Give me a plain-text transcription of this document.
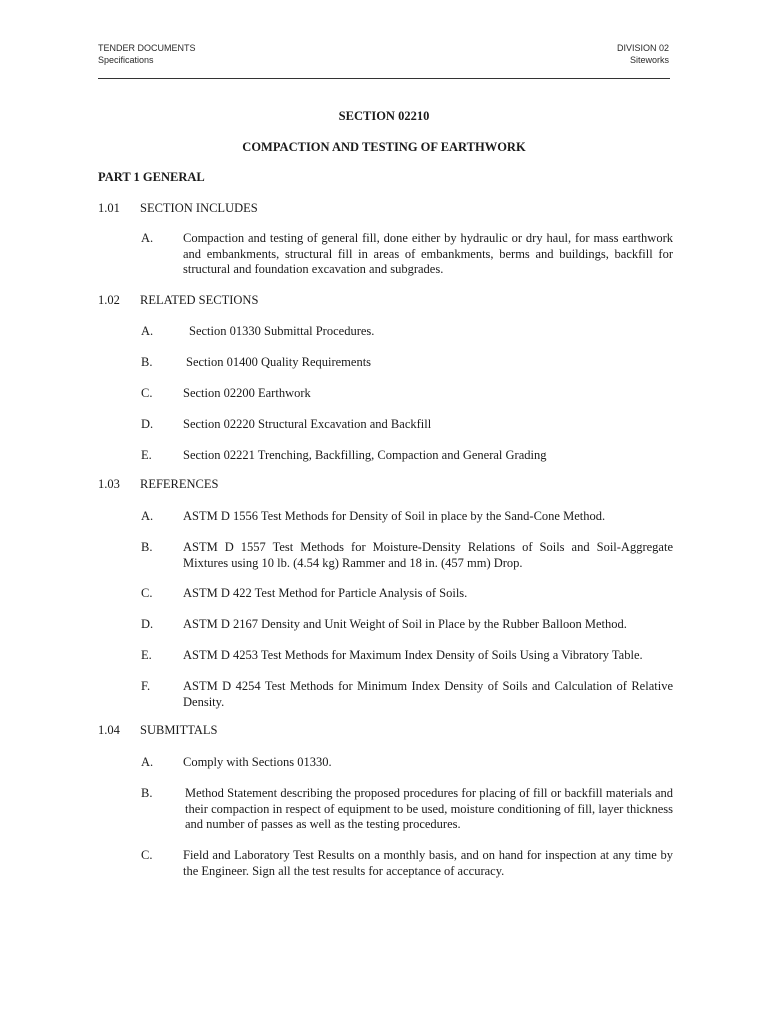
TENDER DOCUMENTS
Specifications
DIVISION 02
Siteworks
SECTION 02210
COMPACTION AND TESTING OF EARTHWORK
PART 1 GENERAL
1.01 SECTION INCLUDES
A. Compaction and testing of general fill, done either by hydraulic or dry haul, for mass earthwork and embankments, structural fill in areas of embankments, berms and buildings, backfill for structural and foundation excavation and subgrades.
1.02 RELATED SECTIONS
A.	Section 01330 Submittal Procedures.
B.	Section 01400 Quality Requirements
C. Section 02200 Earthwork
D. Section 02220 Structural Excavation and Backfill
E. Section 02221 Trenching, Backfilling, Compaction and General Grading
1.03 REFERENCES
A. ASTM D 1556 Test Methods for Density of Soil in place by the Sand-Cone Method.
B. ASTM D 1557 Test Methods for Moisture-Density Relations of Soils and Soil-Aggregate Mixtures using 10 lb. (4.54 kg) Rammer and 18 in. (457 mm) Drop.
C. ASTM D 422 Test Method for Particle Analysis of Soils.
D. ASTM D 2167 Density and Unit Weight of Soil in Place by the Rubber Balloon Method.
E. ASTM D 4253 Test Methods for Maximum Index Density of Soils Using a Vibratory Table.
F.	ASTM D 4254 Test Methods for Minimum Index Density of Soils and Calculation of Relative Density.
1.04 SUBMITTALS
A. Comply with Sections 01330.
B.	Method Statement describing the proposed procedures for placing of fill or backfill materials and their compaction in respect of equipment to be used, moisture conditioning of fill, layer thickness and number of passes as well as the testing procedures.
C. Field and Laboratory Test Results on a monthly basis, and on hand for inspection at any time by the Engineer. Sign all the test results for acceptance of accuracy.
